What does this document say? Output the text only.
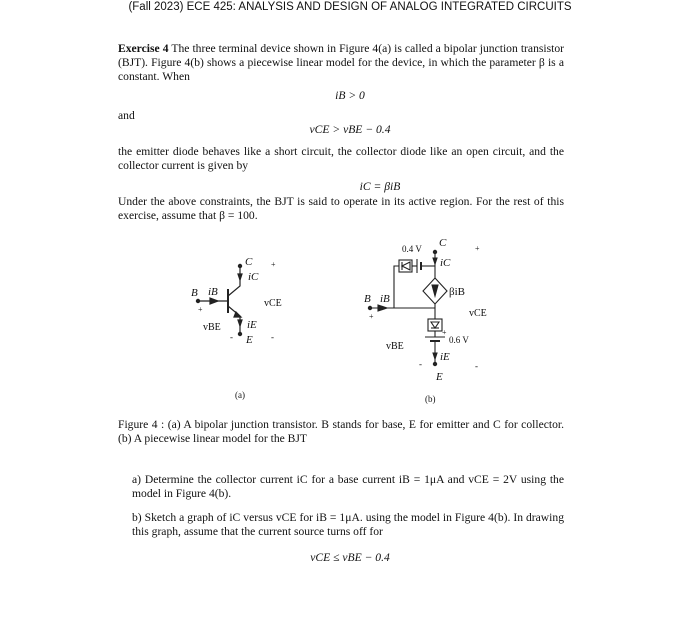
(Fall 2023) ECE 425: ANALYSIS AND DESIGN OF ANALOG INTEGRATED CIRCUITS
Exercise 4 The three terminal device shown in Figure 4(a) is called a bipolar junction transistor (BJT). Figure 4(b) shows a piecewise linear model for the device, in which the parameter β is a constant. When
iB > 0
and
vCE > vBE − 0.4
the emitter diode behaves like a short circuit, the collector diode like an open circuit, and the collector current is given by
iC = βiB
Under the above constraints, the BJT is said to operate in its active region. For the rest of this exercise, assume that β = 100.
B
C
E
iB
iC
iE
vCE
vBE
+
+
-	-
(a)
B
C
E
iB
iC
iE
βiB
0.4 V
0.6 V
vCE
vBE
+
+
+
-	-
(b)
Figure 4 : (a) A bipolar junction transistor. B stands for base, E for emitter and C for collector. (b) A piecewise linear model for the BJT
a) Determine the collector current iC for a base current iB = 1μA and vCE = 2V using the model in Figure 4(b).
b) Sketch a graph of iC versus vCE for iB = 1μA. using the model in Figure 4(b). In drawing this graph, assume that the current source turns off for
vCE ≤ vBE − 0.4
